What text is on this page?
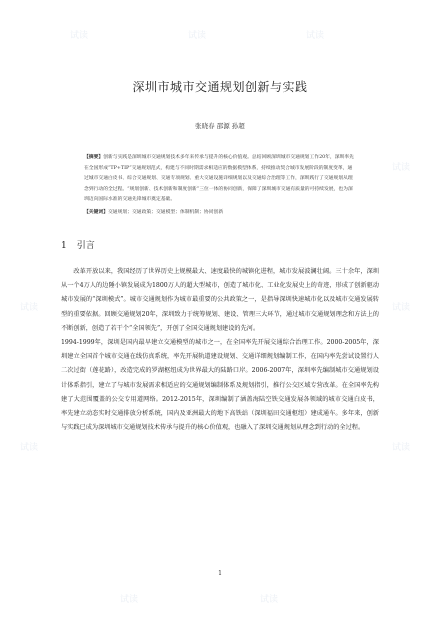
试读	试读	试读
试读
试读
试读
试读
试读
试读	试读
深圳市城市交通规划创新与实践
张晓春 邵源 孙超

【摘要】创新与实践是深圳城市交通规划技术多年来传承与提升的核心价值观。总结回顾深圳城市交通规划工作20年，深圳率先在全国形成“TP+TIP”交通规划范式，构建与不同时期需求相适应的数据模型体系，持续推动契合城市发展阶段的制度变革，通过城市交通白皮书、综合交通规划、交通专项规划、重大交通设施详细规划以及交通综合治理等工作，深圳践行了交通规划从理念到行动的全过程。“规划创新、技术创新和制度创新”三位一体的协同创新，保障了深圳城市交通有质量的可持续发展，也为深圳迈向国际水准的交通先锋城市奠定基础。

【关键词】交通规划；交通政策；交通模型；体制机制；协同创新

1 引言

改革开放以来，我国经历了世界历史上规模最大、速度最快的城镇化进程，城市发展波澜壮阔。三十余年，深圳从一个4万人的边陲小镇发展成为1800万人的超大型城市，创造了城市化、工业化发展史上的奇迹，形成了创新驱动城市发展的“深圳模式”。城市交通规划作为城市最重要的公共政策之一，是指导深圳快速城市化以及城市交通发展转型的重要依据。回顾交通规划20年，深圳致力于统筹规划、建设、管理三大环节，通过城市交通规划理念和方法上的不断创新，创造了若干个“全国领先”，开创了全国交通规划建设的先河。

1994-1999年，深圳是国内最早建立交通模型的城市之一，在全国率先开展交通综合治理工作。2000-2005年，深圳建立全国首个城市交通在线仿真系统，率先开展轨道建设规划、交通详细规划编制工作，在国内率先尝试设置行人二次过街（莲花路），改造完成的罗湖枢纽成为世界最大的陆路口岸。2006-2007年，深圳率先编制城市交通规划设计体系指引，建立了与城市发展需求相适应的交通规划编制体系及规划指引，推行公交区域专营改革。在全国率先构建了大范围覆盖的公交专用道网络。2012-2015年，深圳编制了涵盖海陆空铁交通发展各领域的城市交通白皮书，率先建立动态实时交通排放分析系统，国内及亚洲最大的地下高铁站（深圳福田交通枢纽）建成通车。多年来，创新与实践已成为深圳城市交通规划技术传承与提升的核心价值观，也融入了深圳交通规划从理念到行动的全过程。

1
